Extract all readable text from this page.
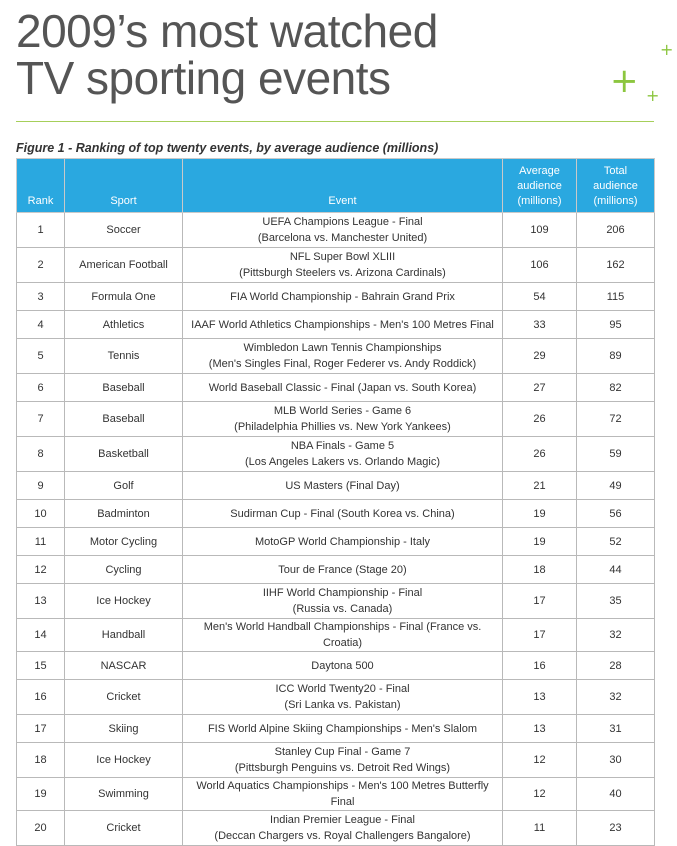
2009’s most watched
TV sporting events
+
+ +
Figure 1 - Ranking of top twenty events, by average audience (millions)
Rank	Sport	Event	Average
audience
(millions)	Total
audience
(millions)

1	Soccer	UEFA Champions League - Final
(Barcelona vs. Manchester United)	109	206
2	American Football	NFL Super Bowl XLIII
(Pittsburgh Steelers vs. Arizona Cardinals)	106	162
3	Formula One	FIA World Championship - Bahrain Grand Prix	54	115
4	Athletics	IAAF World Athletics Championships - Men's 100 Metres Final	33	95
5	Tennis	Wimbledon Lawn Tennis Championships
(Men's Singles Final, Roger Federer vs. Andy Roddick)	29	89
6	Baseball	World Baseball Classic - Final (Japan vs. South Korea)	27	82
7	Baseball	MLB World Series - Game 6
(Philadelphia Phillies vs. New York Yankees)	26	72
8	Basketball	NBA Finals - Game 5
(Los Angeles Lakers vs. Orlando Magic)	26	59
9	Golf	US Masters (Final Day)	21	49
10	Badminton	Sudirman Cup - Final (South Korea vs. China)	19	56
11	Motor Cycling	MotoGP World Championship - Italy	19	52
12	Cycling	Tour de France (Stage 20)	18	44
13	Ice Hockey	IIHF World Championship - Final
(Russia vs. Canada)	17	35
14	Handball	Men's World Handball Championships - Final (France vs. Croatia)	17	32
15	NASCAR	Daytona 500	16	28
16	Cricket	ICC World Twenty20 - Final
(Sri Lanka vs. Pakistan)	13	32
17	Skiing	FIS World Alpine Skiing Championships - Men's Slalom	13	31
18	Ice Hockey	Stanley Cup Final - Game 7
(Pittsburgh Penguins vs. Detroit Red Wings)	12	30
19	Swimming	World Aquatics Championships - Men's 100 Metres Butterfly Final	12	40
20	Cricket	Indian Premier League - Final
(Deccan Chargers vs. Royal Challengers Bangalore)	11	23
